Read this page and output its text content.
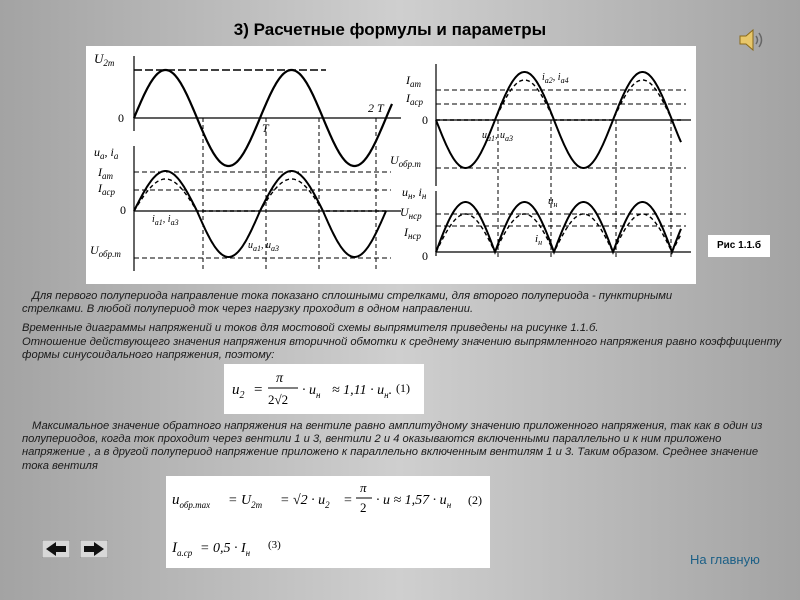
3) Расчетные формулы и параметры
$U_{2m}$
0
T
2 T
$u_a$, $i_a$
$I_{am}$
$I_{acp}$
0
$i_{a1}$, $i_{a3}$
$u_{a1}$, $u_{a3}$
$U_{обр.m}$
$I_{am}$
$I_{acp}$
0
$i_{a2}$, $i_{a4}$
$u_{a1}$, $u_{a3}$
$U_{обр.m}$
$u_н$, $i_н$
$U_{нср}$
$I_{нср}$
$u_н$
$i_н$
0
Рис 1.1.б

Для первого полупериода направление тока показано сплошными стрелками, для второго полупериода - пунктирными стрелками. В любой полупериод ток через нагрузку проходит в одном направлении.

Временные диаграммы напряжений и токов для мостовой схемы выпрямителя приведены на рисунке 1.1.б.

Отношение действующего значения напряжения вторичной обмотки к среднему значению выпрямленного напряжения равно коэффициенту формы синусоидального напряжения, поэтому:

$u_2$ =
π
2√2
· $u_н \approx 1,11 \cdot u_н$. (1)

Максимальное значение обратного напряжения на вентиле равно амплитудному значению приложенного напряжения, так как в один из полупериодов, когда ток проходит через вентили 1 и 3, вентили 2 и 4 оказываются включенными параллельно и к ним приложено напряжение , а в другой полупериод напряжение приложено к параллельно включенным вентилям 1 и 3. Таким образом. Среднее значение тока вентиля

$u_{обр.max} = U_{2m} = √2 \cdot u_2$ =
π
$2 \cdot u \approx 1,57 \cdot u_н$ (2)
$I_{a.cp} = 0,5 \cdot I_н$
(3)
На главную
